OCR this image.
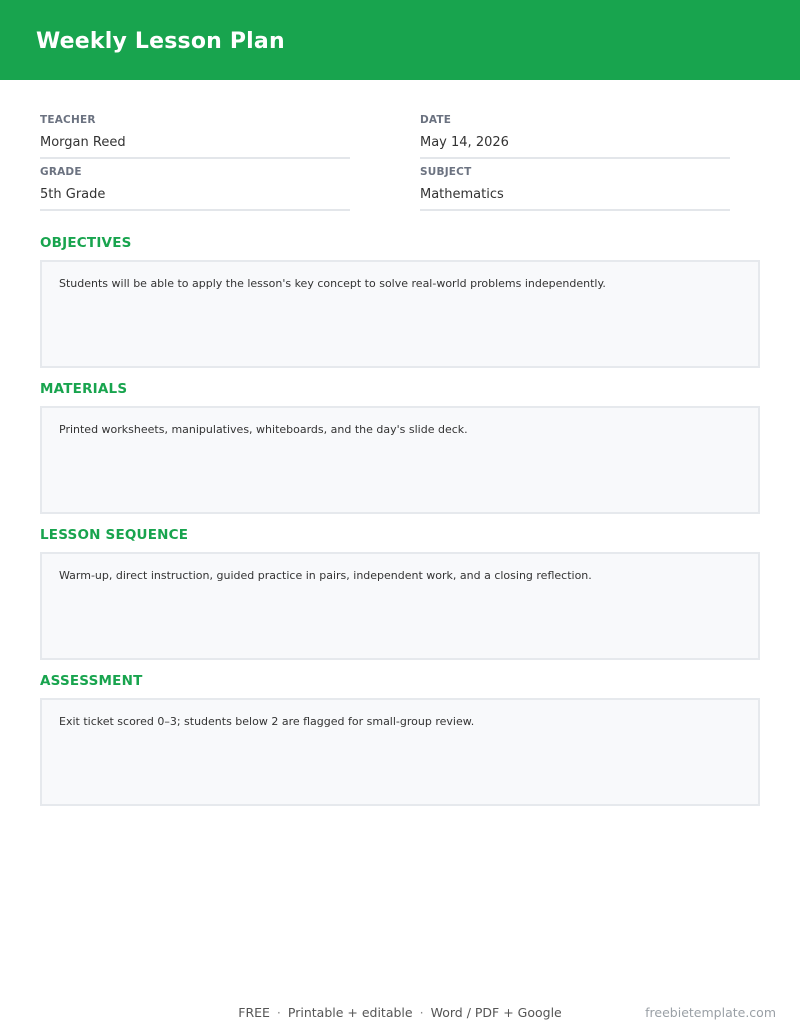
Weekly Lesson Plan
TEACHER
Morgan Reed
DATE
May 14, 2026
GRADE
5th Grade
SUBJECT
Mathematics
OBJECTIVES
Students will be able to apply the lesson's key concept to solve real-world problems independently.
MATERIALS
Printed worksheets, manipulatives, whiteboards, and the day's slide deck.
LESSON SEQUENCE
Warm-up, direct instruction, guided practice in pairs, independent work, and a closing reflection.
ASSESSMENT
Exit ticket scored 0–3; students below 2 are flagged for small-group review.
FREE · Printable + editable · Word / PDF + Google	freebietemplate.com
